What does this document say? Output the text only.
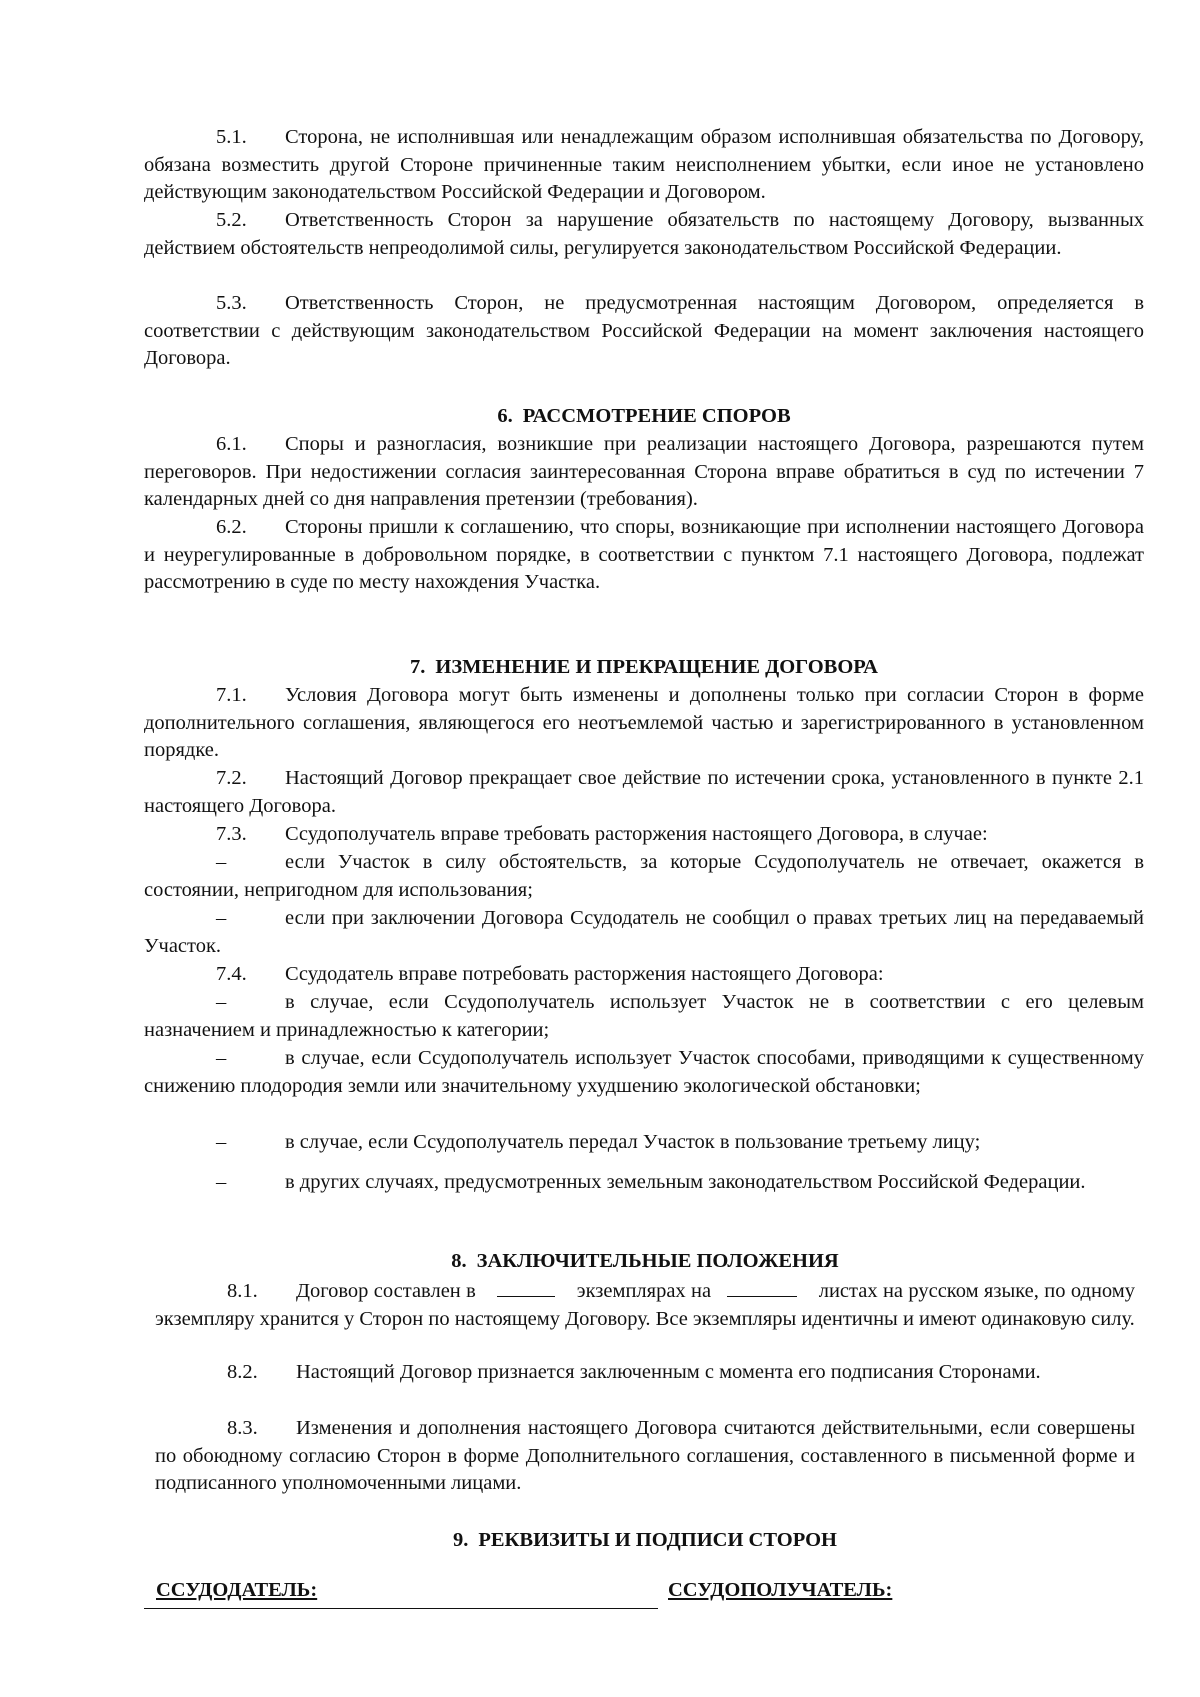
5.1. Сторона, не исполнившая или ненадлежащим образом исполнившая обязательства по Договору, обязана возместить другой Стороне причиненные таким неисполнением убытки, если иное не установлено действующим законодательством Российской Федерации и Договором.

5.2. Ответственность Сторон за нарушение обязательств по настоящему Договору, вызванных действием обстоятельств непреодолимой силы, регулируется законодательством Российской Федерации.

5.3. Ответственность Сторон, не предусмотренная настоящим Договором, определяется в соответствии с действующим законодательством Российской Федерации на момент заключения настоящего Договора.

6. РАССМОТРЕНИЕ СПОРОВ

6.1. Споры и разногласия, возникшие при реализации настоящего Договора, разрешаются путем переговоров. При недостижении согласия заинтересованная Сторона вправе обратиться в суд по истечении 7 календарных дней со дня направления претензии (требования).

6.2. Стороны пришли к соглашению, что споры, возникающие при исполнении настоящего Договора и неурегулированные в добровольном порядке, в соответствии с пунктом 7.1 настоящего Договора, подлежат рассмотрению в суде по месту нахождения Участка.

7. ИЗМЕНЕНИЕ И ПРЕКРАЩЕНИЕ ДОГОВОРА

7.1. Условия Договора могут быть изменены и дополнены только при согласии Сторон в форме дополнительного соглашения, являющегося его неотъемлемой частью и зарегистрированного в установленном порядке.

7.2. Настоящий Договор прекращает свое действие по истечении срока, установленного в пункте 2.1 настоящего Договора.

7.3. Ссудополучатель вправе требовать расторжения настоящего Договора, в случае:

–	если Участок в силу обстоятельств, за которые Ссудополучатель не отвечает, окажется в состоянии, непригодном для использования;

–	если при заключении Договора Ссудодатель не сообщил о правах третьих лиц на передаваемый Участок.

7.4. Ссудодатель вправе потребовать расторжения настоящего Договора:

–	в случае, если Ссудополучатель использует Участок не в соответствии с его целевым назначением и принадлежностью к категории;

–	в случае, если Ссудополучатель использует Участок способами, приводящими к существенному снижению плодородия земли или значительному ухудшению экологической обстановки;

–	в случае, если Ссудополучатель передал Участок в пользование третьему лицу;

–	в других случаях, предусмотренных земельным законодательством Российской Федерации.

8. ЗАКЛЮЧИТЕЛЬНЫЕ ПОЛОЖЕНИЯ

8.1. Договор составлен в	экземплярах на	листах на русском языке, по одному экземпляру хранится у Сторон по настоящему Договору. Все экземпляры идентичны и имеют одинаковую силу.

8.2. Настоящий Договор признается заключенным с момента его подписания Сторонами.

8.3. Изменения и дополнения настоящего Договора считаются действительными, если совершены по обоюдному согласию Сторон в форме Дополнительного соглашения, составленного в письменной форме и подписанного уполномоченными лицами.

9. РЕКВИЗИТЫ И ПОДПИСИ СТОРОН
ССУДОДАТЕЛЬ:	ССУДОПОЛУЧАТЕЛЬ:
